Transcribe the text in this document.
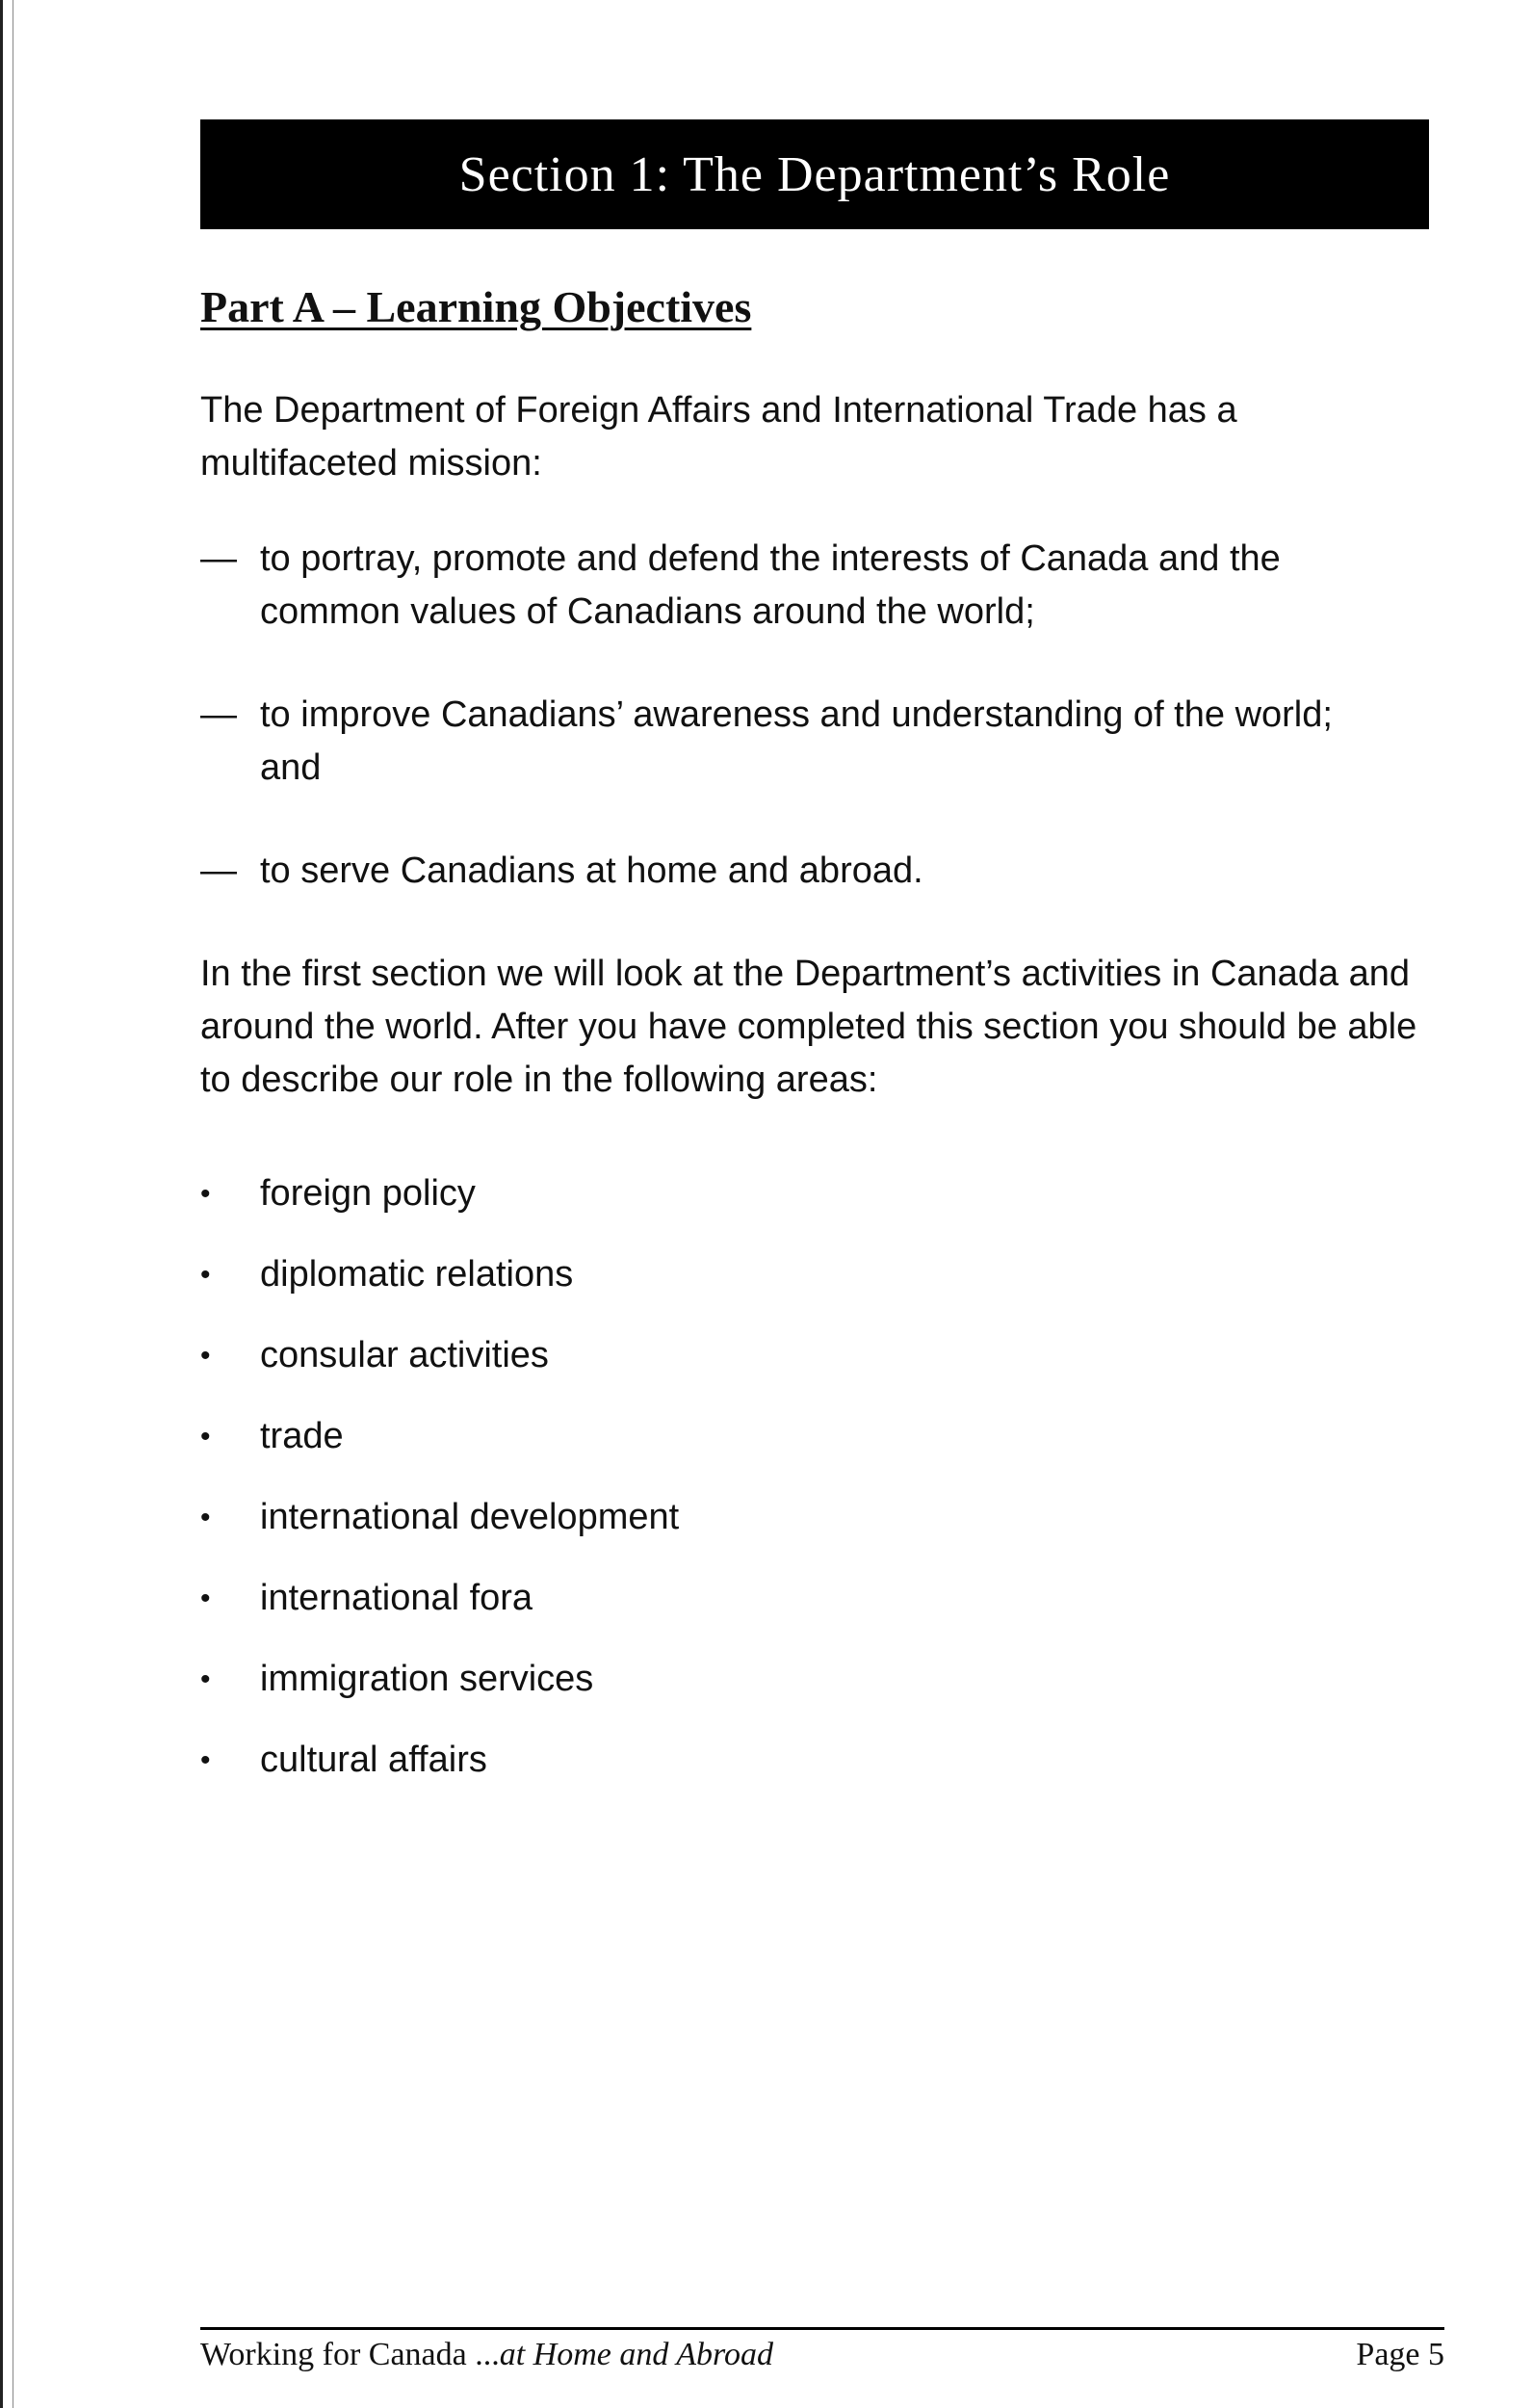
Section 1: The Department’s Role
Part A – Learning Objectives

The Department of Foreign Affairs and International Trade has a multifaceted mission:

— to portray, promote and defend the interests of Canada and the common values of Canadians around the world;
— to improve Canadians’ awareness and understanding of the world; and
— to serve Canadians at home and abroad.

In the first section we will look at the Department’s activities in Canada and around the world. After you have completed this section you should be able to describe our role in the following areas:

•	foreign policy
•	diplomatic relations
•	consular activities
•	trade
•	international development
•	international fora
•	immigration services
•	cultural affairs
Working for Canada ...at Home and Abroad	Page 5
